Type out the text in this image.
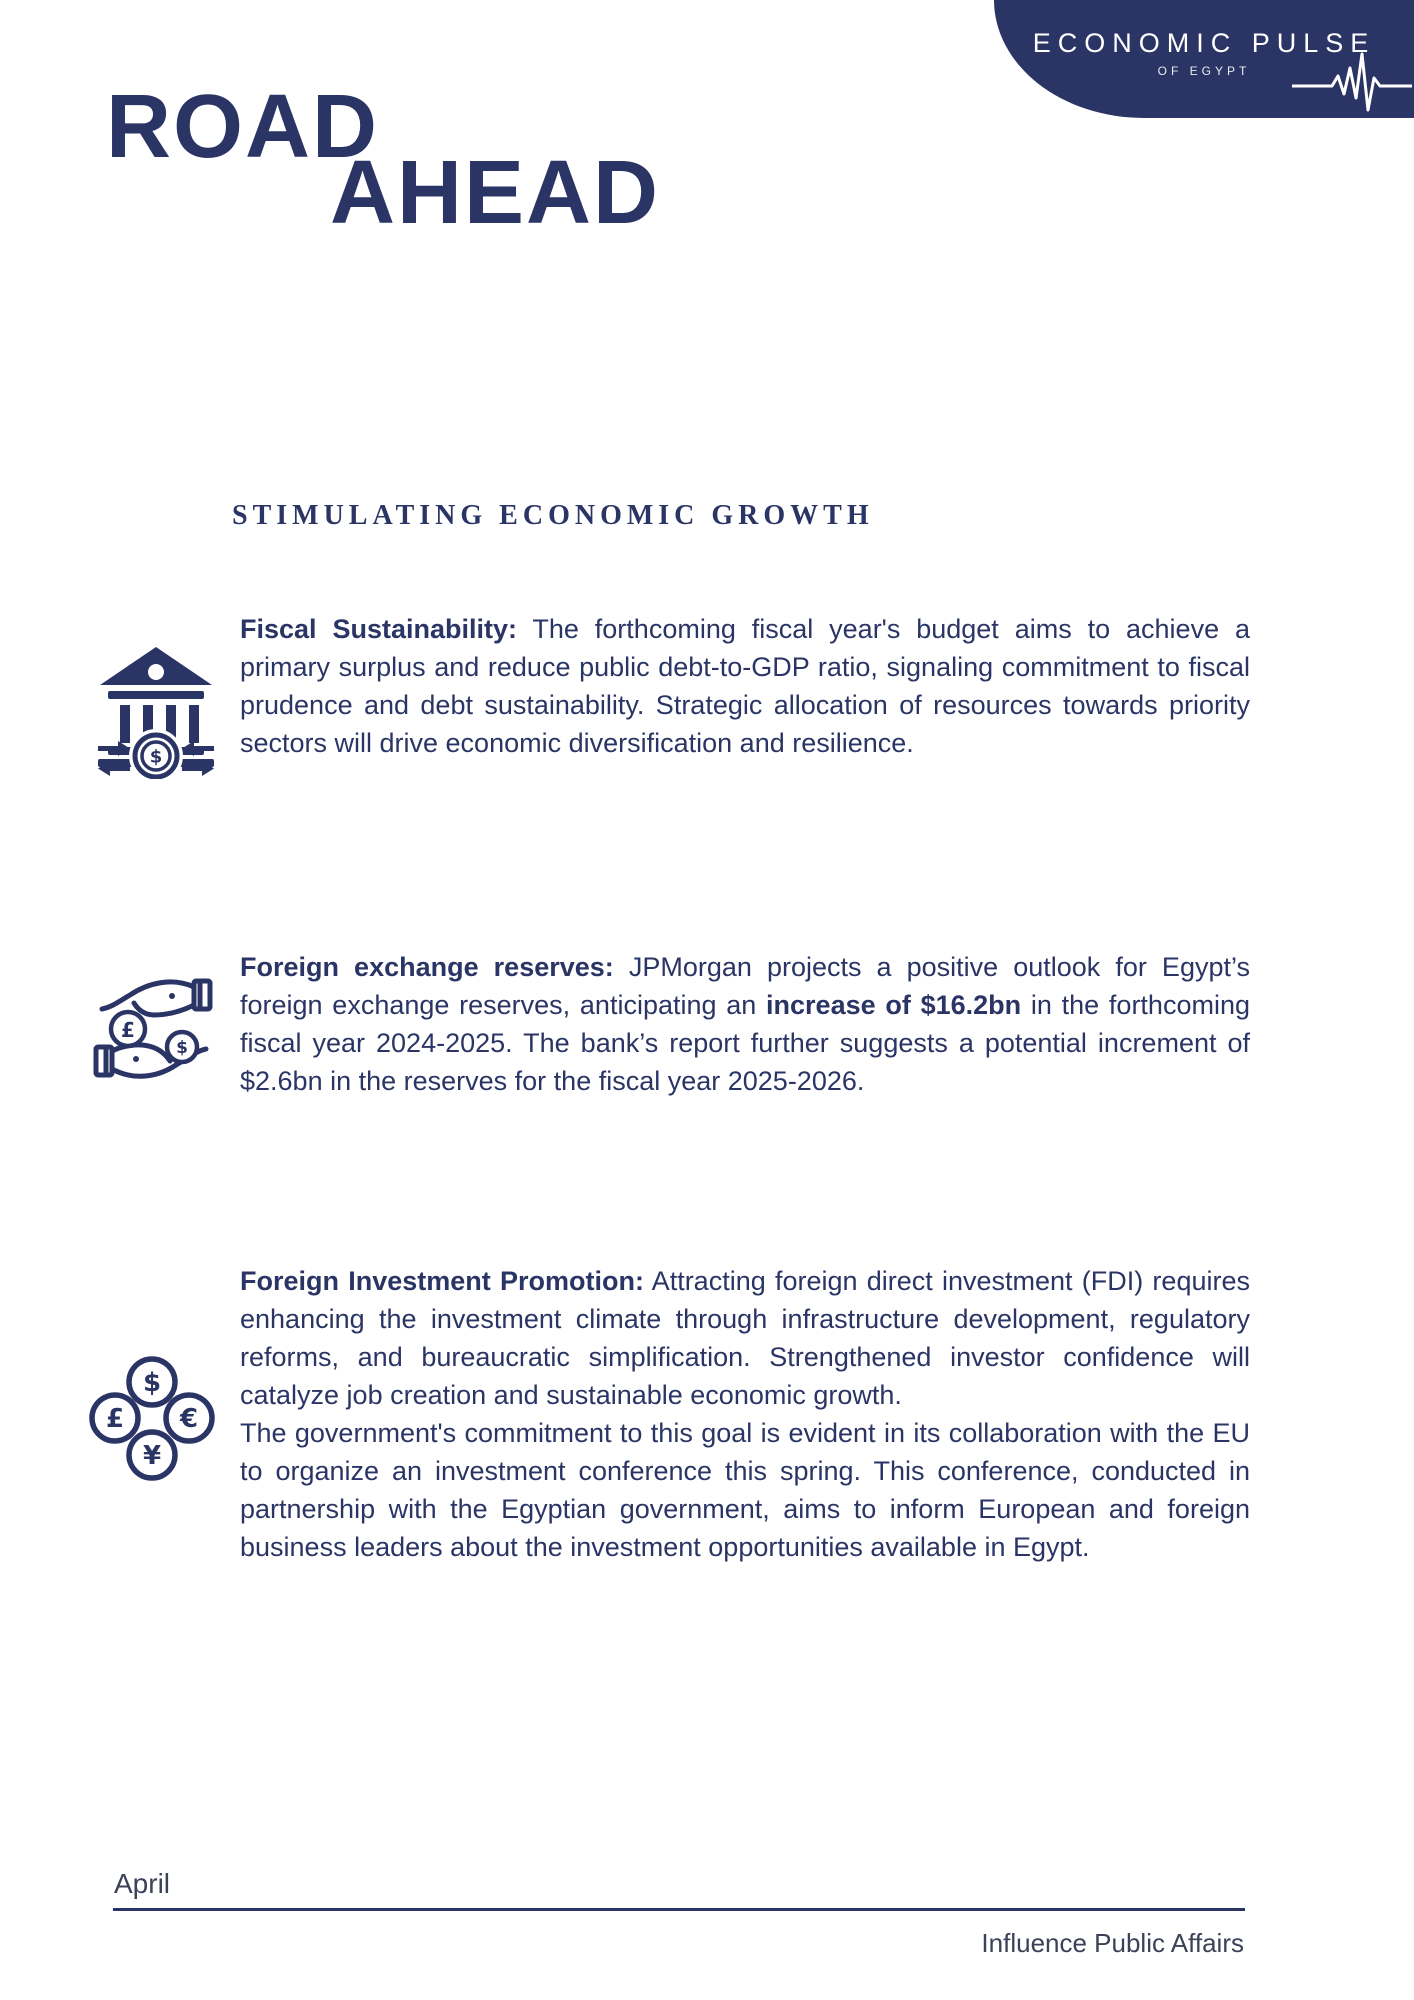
ECONOMIC PULSE
OF EGYPT
ROAD
AHEAD
STIMULATING ECONOMIC GROWTH
$

Fiscal Sustainability: The forthcoming fiscal year's budget aims to achieve a primary surplus and reduce public debt-to-GDP ratio, signaling commitment to fiscal prudence and debt sustainability. Strategic allocation of resources towards priority sectors will drive economic diversification and resilience.

£
$

Foreign exchange reserves: JPMorgan projects a positive outlook for Egypt’s foreign exchange reserves, anticipating an increase of $16.2bn in the forthcoming fiscal year 2024-2025. The bank’s report further suggests a potential increment of $2.6bn in the reserves for the fiscal year 2025-2026.

$
€
£
¥

Foreign Investment Promotion: Attracting foreign direct investment (FDI) requires enhancing the investment climate through infrastructure development, regulatory reforms, and bureaucratic simplification. Strengthened investor confidence will catalyze job creation and sustainable economic growth.

The government's commitment to this goal is evident in its collaboration with the EU to organize an investment conference this spring. This conference, conducted in partnership with the Egyptian government, aims to inform European and foreign business leaders about the investment opportunities available in Egypt.

April
Influence Public Affairs
